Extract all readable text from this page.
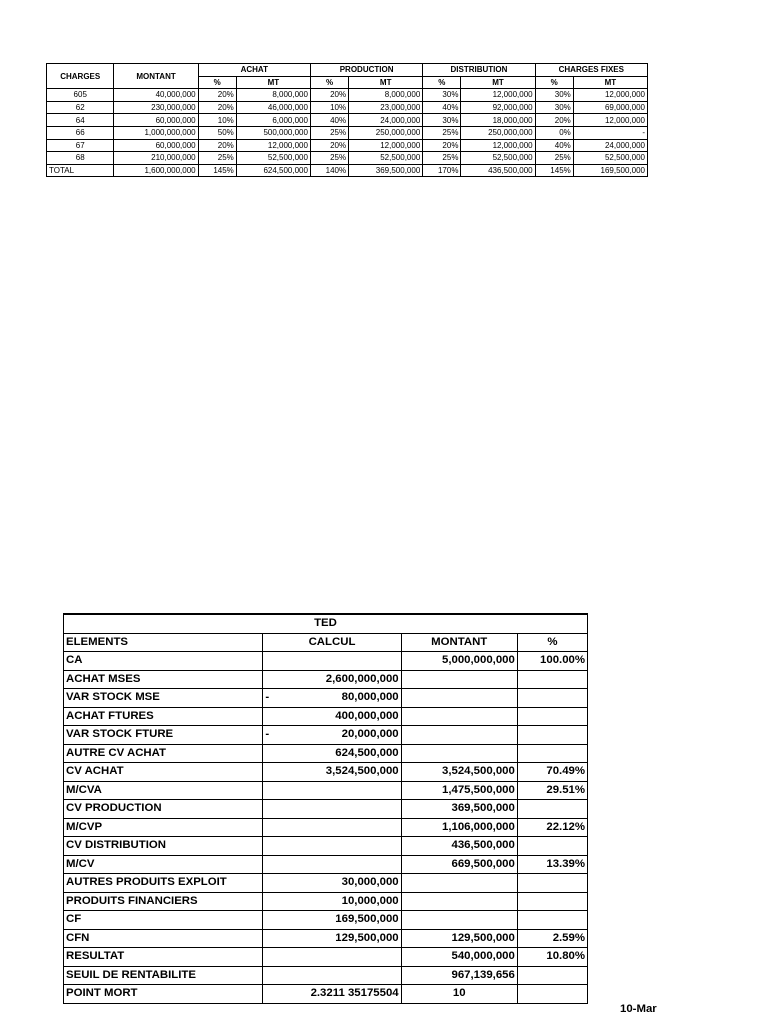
CHARGES	MONTANT	ACHAT		PRODUCTION		DISTRIBUTION		CHARGES FIXES	
		%	MT	%	MT	%	MT	%	MT
605	40,000,000	20%	8,000,000	20%	8,000,000	30%	12,000,000	30%	12,000,000
62	230,000,000	20%	46,000,000	10%	23,000,000	40%	92,000,000	30%	69,000,000
64	60,000,000	10%	6,000,000	40%	24,000,000	30%	18,000,000	20%	12,000,000
66	1,000,000,000	50%	500,000,000	25%	250,000,000	25%	250,000,000	0%	-
67	60,000,000	20%	12,000,000	20%	12,000,000	20%	12,000,000	40%	24,000,000
68	210,000,000	25%	52,500,000	25%	52,500,000	25%	52,500,000	25%	52,500,000
TOTAL	1,600,000,000	145%	624,500,000	140%	369,500,000	170%	436,500,000	145%	169,500,000
TED			
ELEMENTS	CALCUL	MONTANT	%
CA		5,000,000,000	100.00%
ACHAT MSES	2,600,000,000		
VAR STOCK MSE	- 80,000,000		
ACHAT FTURES	400,000,000		
VAR STOCK FTURE	- 20,000,000		
AUTRE CV ACHAT	624,500,000		
CV ACHAT	3,524,500,000	3,524,500,000	70.49%
M/CVA		1,475,500,000	29.51%
CV PRODUCTION		369,500,000	
M/CVP		1,106,000,000	22.12%
CV DISTRIBUTION		436,500,000	
M/CV		669,500,000	13.39%
AUTRES PRODUITS EXPLOIT	30,000,000		
PRODUITS FINANCIERS	10,000,000		
CF	169,500,000		
CFN	129,500,000	129,500,000	2.59%
RESULTAT		540,000,000	10.80%
SEUIL DE RENTABILITE		967,139,656	
POINT MORT	2.3211 35175504	10	
10-Mar
